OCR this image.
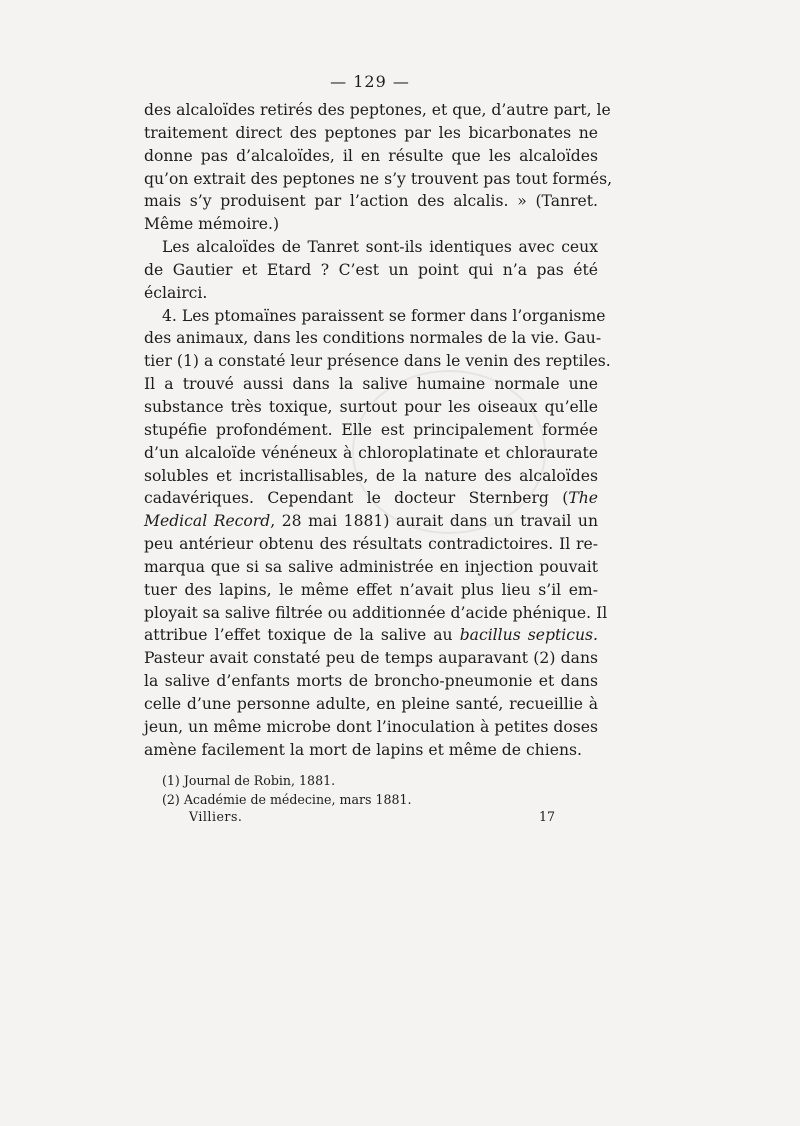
— 129 —
des alcaloïdes retirés des peptones, et que, d’autre part, le
traitement direct des peptones par les bicarbonates ne
donne pas d’alcaloïdes, il en résulte que les alcaloïdes
qu’on extrait des peptones ne s’y trouvent pas tout formés,
mais s’y produisent par l’action des alcalis. » (Tanret.
Même mémoire.)
Les alcaloïdes de Tanret sont-ils identiques avec ceux
de Gautier et Etard ? C’est un point qui n’a pas été
éclairci.
4. Les ptomaïnes paraissent se former dans l’organisme
des animaux, dans les conditions normales de la vie. Gau-
tier (1) a constaté leur présence dans le venin des reptiles.
Il a trouvé aussi dans la salive humaine normale une
substance très toxique, surtout pour les oiseaux qu’elle
stupéfie profondément. Elle est principalement formée
d’un alcaloïde vénéneux à chloroplatinate et chloraurate
solubles et incristallisables, de la nature des alcaloïdes
cadavériques. Cependant le docteur Sternberg (The
Medical Record, 28 mai 1881) aurait dans un travail un
peu antérieur obtenu des résultats contradictoires. Il re-
marqua que si sa salive administrée en injection pouvait
tuer des lapins, le même effet n’avait plus lieu s’il em-
ployait sa salive filtrée ou additionnée d’acide phénique. Il
attribue l’effet toxique de la salive au bacillus septicus.
Pasteur avait constaté peu de temps auparavant (2) dans
la salive d’enfants morts de broncho-pneumonie et dans
celle d’une personne adulte, en pleine santé, recueillie à
jeun, un même microbe dont l’inoculation à petites doses
amène facilement la mort de lapins et même de chiens.
(1) Journal de Robin, 1881.
(2) Académie de médecine, mars 1881.
Villiers.	17
